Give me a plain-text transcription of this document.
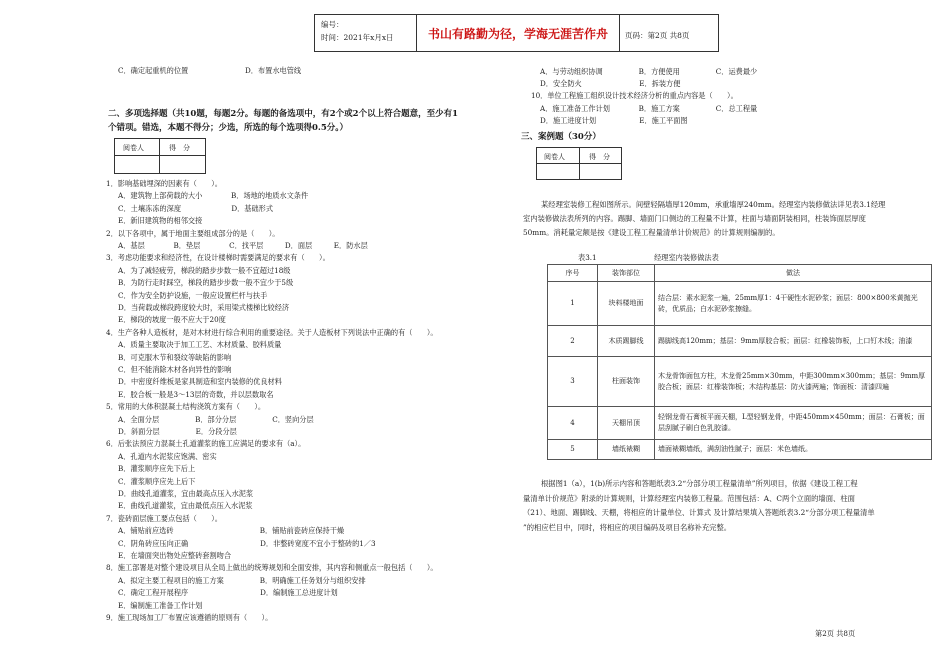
编号：
时间：2021年x月x日	书山有路勤为径，学海无涯苦作舟	页码：第2页 共8页
C．确定起重机的位置	D．布置水电管线
二、多项选择题（共10题，每题2分。每题的备选项中，有2个或2个以上符合题意，至少有1
个错项。错选，本题不得分；少选，所选的每个选项得0.5分。）
阅卷人	得　分
1．影响基础埋深的因素有（　　）。
A．建筑物上部荷载的大小　　　　B．场地的地质水文条件
C．土壤冻冻的深度　　　　　　　D．基础形式
E．新旧建筑物的相邻交接
2．以下各项中，属于地面主要组成部分的是（　　）。
A．基层　　　　B．垫层　　　　C．找平层　　　D．面层　　　E．防水层
3．考虑功能要求和经济性，在设计楼梯时需要满足的要求有（　　）。
A．为了减轻疲劳，梯段的踏步步数一般不宜超过18级
B．为防行走时踩空，梯段的踏步步数一般不宜少于5级
C．作为安全防护设施，一般应设置栏杆与扶手
D．当荷载或梯段跨度较大时，采用梁式楼梯比较经济
E．梯段的坡度一般不应大于20度
4．生产各种人造板材，是对木材进行综合利用的重要途径。关于人造板材下列说法中正确的有（　　）。
A．质量主要取决于加工工艺、木材质量、胶料质量
B．可克服木节和裂纹等缺陷的影响
C．但不能消除木材各向异性的影响
D．中密度纤维板是家具制造和室内装修的优良材料
E．胶合板一般是3～13层的奇数，并以层数取名
5．常用的大体积混凝土结构浇筑方案有（　　）。
A．全面分层　　　　　B．部分分层　　　　　C．竖向分层
D．斜面分层　　　　　E．分段分层
6．后张法预应力混凝土孔道灌浆的施工应满足的要求有（a）。
A．孔道内水泥浆应饱满、密实
B．灌浆顺序应先下后上
C．灌浆顺序应先上后下
D．曲线孔道灌浆，宜由最高点压入水泥浆
E．曲线孔道灌浆，宜由最低点压入水泥浆
7．瓷砖面层施工要点包括（　　）。
A．铺贴前应选砖　　　　　　　　　　　　B．铺贴前瓷砖应保持干燥
C．阴角砖应压向正确　　　　　　　　　　D．非整砖宽度不宜小于整砖的1／3
E．在墙面突出物处应整砖套割吻合
8．施工部署是对整个建设项目从全局上做出的统筹规划和全面安排，其内容和侧重点一般包括（　　）。
A．拟定主要工程项目的施工方案　　　　　B．明确施工任务划分与组织安排
C．确定工程开展程序　　　　　　　　　　D．编制施工总进度计划
E．编制施工准备工作计划
9．施工现场加工厂布置应该遵循的原则有（　　）。
A．与劳动组织协调　　　　　B．方便使用　　　　　C．运费最少
D．安全防火　　　　　　　　E．拆装方便
10．单位工程施工组织设计技术经济分析的重点内容是（　　）。
A．施工准备工作计划　　　　B．施工方案　　　　　C．总工程量
D．施工进度计划　　　　　　E．施工平面图
三、案例题（30分）
阅卷人	得　分
某经理室装修工程如图所示。间壁轻隔墙厚120mm，承重墙厚240mm。经理室内装修做法详见表3.1经理
室内装修做法表所列的内容。踢脚、墙面门口侧边的工程量不计算，柱面与墙面阴装相同，柱装饰面层厚度
50mm。消耗量定额是按《建设工程工程量清单计价规范》的计算规则编制的。
表3.1　　　　　　　　经理室内装修做法表
序号	装饰部位	做法
1	块料楼地面	结合层：素水泥浆一遍，25mm厚1：4干硬性水泥砂浆；面层：800×800米黄抛光砖，优质品；白水泥砂浆擦缝。
2	木质踢脚线	踢脚线高120mm；基层：9mm厚胶合板；面层：红橡装饰板，上口钉木线；油漆
3	柱面装饰	木龙骨饰面包方柱，木龙骨25mm×30mm，中距300mm×300mm；基层：9mm厚胶合板；面层：红橡装饰板；木结构基层：防火漆两遍；饰面板：清漆四遍
4	天棚吊顶	轻钢龙骨石膏板平面天棚，L型轻钢龙骨，中距450mm×450mm；面层：石膏板；面层刮腻子刷白色乳胶漆。
5	墙纸裱糊	墙面裱糊墙纸，满刮油性腻子；面层：米色墙纸。
根据图1（a），1(b)所示内容和答题纸表3.2“分部分项工程量清单”所列项目，依据《建设工程工程
量清单计价规范》附录的计算规则，计算经理室内装修工程量。范围包括：A、C两个立面的墙面、柱面
（21）、地面、踢脚线、天棚，将相应的计量单位、计算式 及计算结果填入答题纸表3.2“分部分项工程量清单
”的相应栏目中，同时，将相应的项目编码及项目名称补充完整。
第2页 共8页
